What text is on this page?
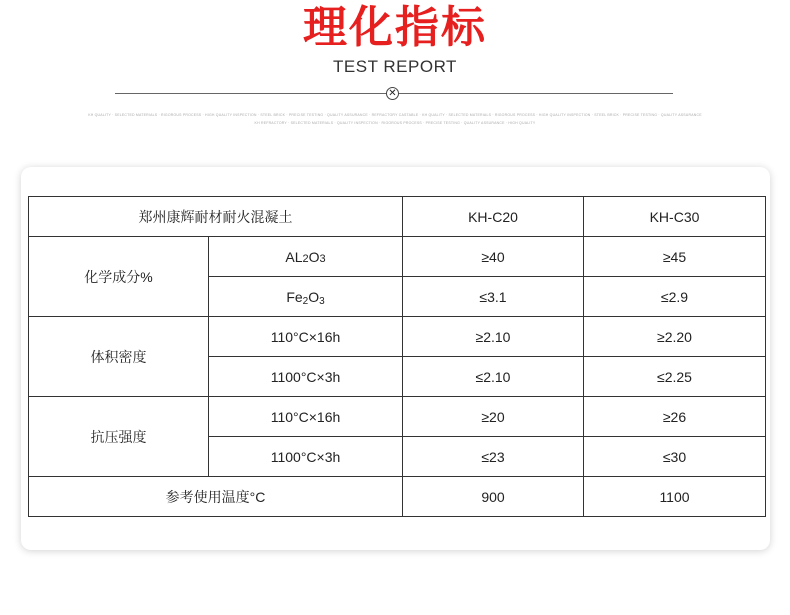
理化指标
TEST REPORT
✕
KH QUALITY · SELECTED MATERIALS · RIGOROUS PROCESS · HIGH QUALITY INSPECTION · STEEL BRICK · PRECISE TESTING · QUALITY ASSURANCE · REFRACTORY CASTABLE · KH QUALITY · SELECTED MATERIALS · RIGOROUS PROCESS · HIGH QUALITY INSPECTION · STEEL BRICK · PRECISE TESTING · QUALITY ASSURANCE
KH REFRACTORY · SELECTED MATERIALS · QUALITY INSPECTION · RIGOROUS PROCESS · PRECISE TESTING · QUALITY ASSURANCE · HIGH QUALITY
郑州康辉耐材耐火混凝土		KH-C20	KH-C30
化学成分%	AL2O3	≥40	≥45
	$Fe_2O_3$	≤3.1	≤2.9
体积密度	110°C×16h	≥2.10	≥2.20
	1100°C×3h	≤2.10	≤2.25
抗压强度	110°C×16h	≥20	≥26
	1100°C×3h	≤23	≤30
参考使用温度°C		900	1100
